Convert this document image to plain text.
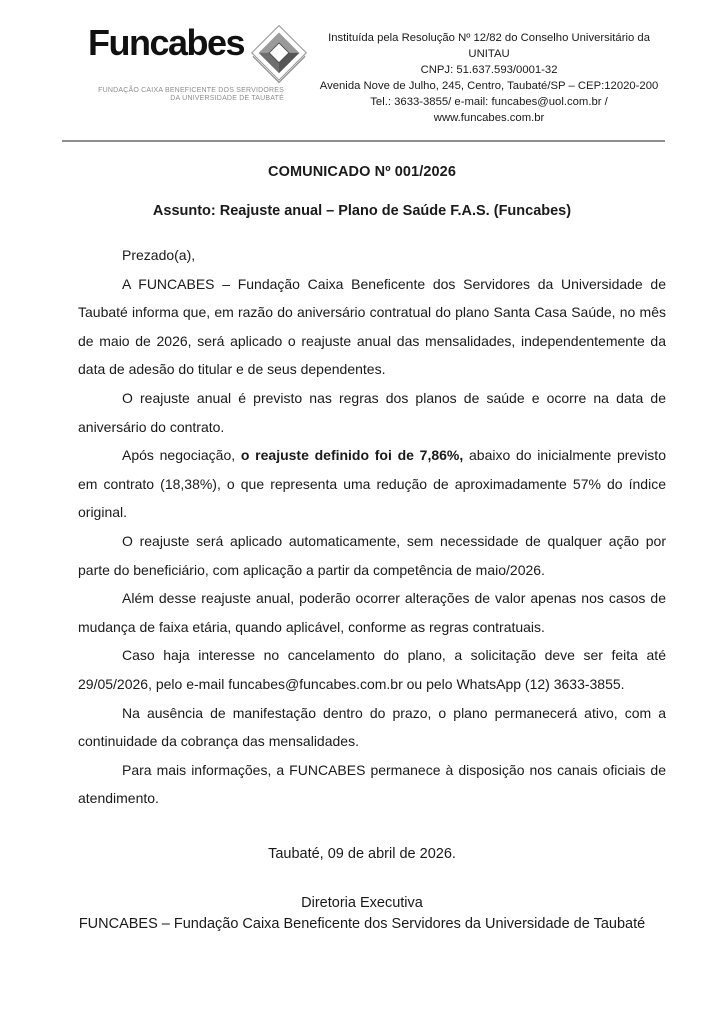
Funcabes
FUNDAÇÃO CAIXA BENEFICENTE DOS SERVIDORES
DA UNIVERSIDADE DE TAUBATÉ
Instituída pela Resolução Nº 12/82 do Conselho Universitário da UNITAU
CNPJ: 51.637.593/0001-32
Avenida Nove de Julho, 245, Centro, Taubaté/SP – CEP:12020-200
Tel.: 3633-3855/ e-mail: funcabes@uol.com.br / www.funcabes.com.br
COMUNICADO Nº 001/2026
Assunto: Reajuste anual – Plano de Saúde F.A.S. (Funcabes)

Prezado(a),

A FUNCABES – Fundação Caixa Beneficente dos Servidores da Universidade de Taubaté informa que, em razão do aniversário contratual do plano Santa Casa Saúde, no mês de maio de 2026, será aplicado o reajuste anual das mensalidades, independentemente da data de adesão do titular e de seus dependentes.

O reajuste anual é previsto nas regras dos planos de saúde e ocorre na data de aniversário do contrato.

Após negociação, o reajuste definido foi de 7,86%, abaixo do inicialmente previsto em contrato (18,38%), o que representa uma redução de aproximadamente 57% do índice original.

O reajuste será aplicado automaticamente, sem necessidade de qualquer ação por parte do beneficiário, com aplicação a partir da competência de maio/2026.

Além desse reajuste anual, poderão ocorrer alterações de valor apenas nos casos de mudança de faixa etária, quando aplicável, conforme as regras contratuais.

Caso haja interesse no cancelamento do plano, a solicitação deve ser feita até 29/05/2026, pelo e-mail funcabes@funcabes.com.br ou pelo WhatsApp (12) 3633-3855.

Na ausência de manifestação dentro do prazo, o plano permanecerá ativo, com a continuidade da cobrança das mensalidades.

Para mais informações, a FUNCABES permanece à disposição nos canais oficiais de atendimento.

Taubaté, 09 de abril de 2026.
Diretoria Executiva
FUNCABES – Fundação Caixa Beneficente dos Servidores da Universidade de Taubaté
